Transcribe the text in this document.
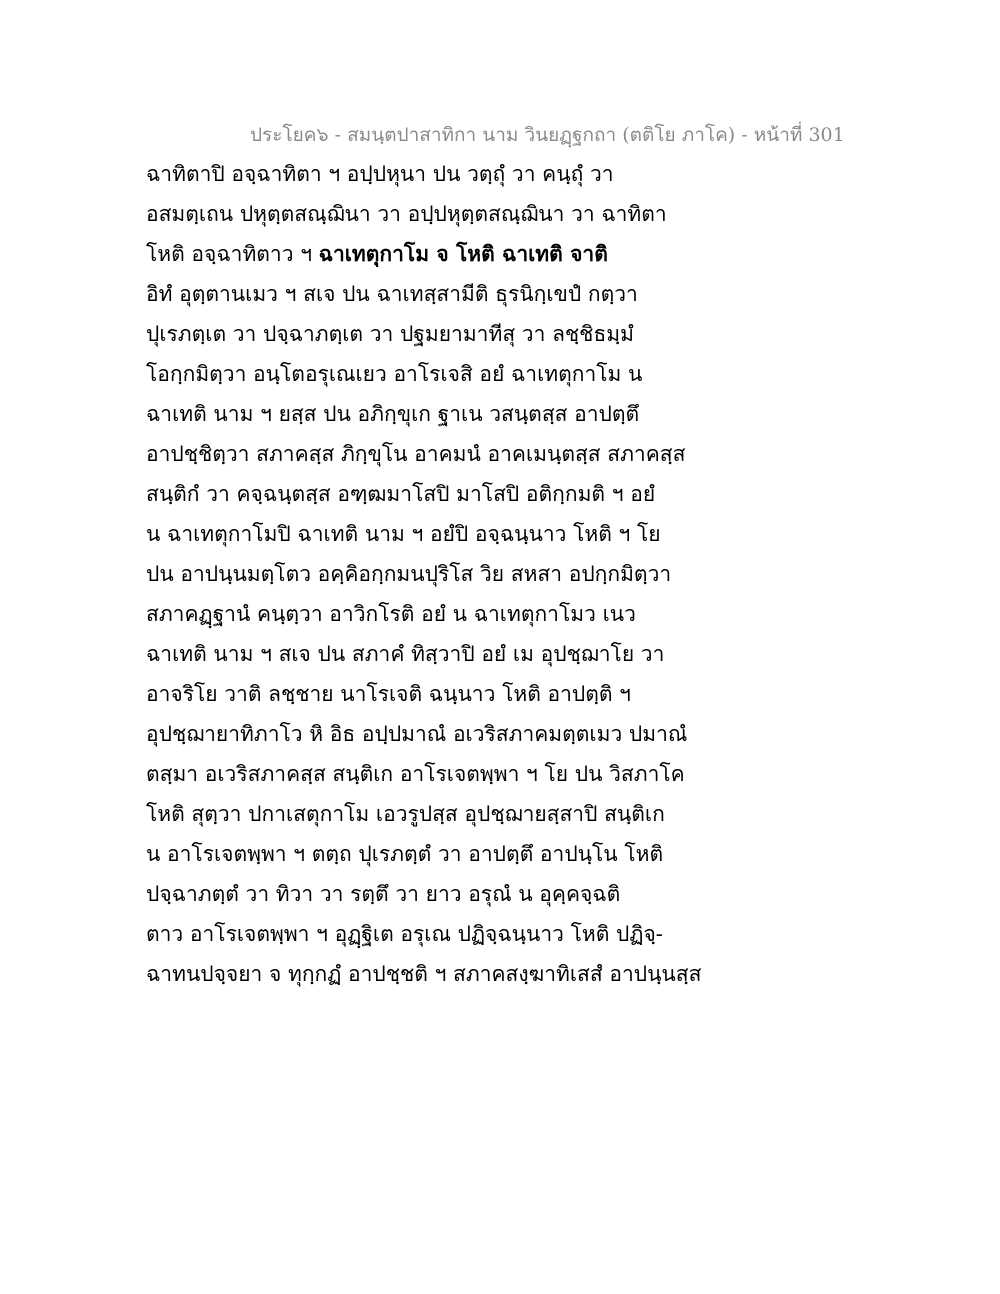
ประโยค๖ - สมนฺตปาสาทิกา นาม วินยฏฺฐกถา (ตติโย ภาโค) - หน้าที่ 301
ฉาทิตาปิ อจฺฉาทิตา ฯ อปฺปหุนา ปน วตฺถุํ วา คนฺถุํ วา
อสมตฺเถน ปหุตฺตสณฺฌินา วา อปฺปหุตฺตสณฺฌินา วา ฉาทิตา
โหติ อจฺฉาทิตาว ฯ ฉาเทตุกาโม จ โหติ ฉาเทติ จาติ
อิทํ อุตฺตานเมว ฯ สเจ ปน ฉาเทสฺสามีติ ธุรนิกฺเขปํ กตฺวา
ปุเรภตฺเต วา ปจฺฉาภตฺเต วา ปฐมยามาทีสุ วา ลชฺชิธมฺมํ
โอกฺกมิตฺวา อนฺโตอรุเณเยว อาโรเจสิ อยํ ฉาเทตุกาโม น
ฉาเทติ นาม ฯ ยสฺส ปน อภิกฺขุเก ฐาเน วสนฺตสฺส อาปตฺตึ
อาปชฺชิตฺวา สภาคสฺส ภิกฺขุโน อาคมนํ อาคเมนฺตสฺส สภาคสฺส
สนฺติกํ วา คจฺฉนฺตสฺส อฑฺฒมาโสปิ มาโสปิ อติกฺกมติ ฯ อยํ
น ฉาเทตุกาโมปิ ฉาเทติ นาม ฯ อยํปิ อจฺฉนฺนาว โหติ ฯ โย
ปน อาปนฺนมตฺโตว อคฺคิอกฺกมนปุริโส วิย สหสา อปกฺกมิตฺวา
สภาคฏฺฐานํ คนฺตฺวา อาวิกโรติ อยํ น ฉาเทตุกาโมว เนว
ฉาเทติ นาม ฯ สเจ ปน สภาคํ ทิสฺวาปิ อยํ เม อุปชฺฌาโย วา
อาจริโย วาติ ลชฺชาย นาโรเจติ ฉนฺนาว โหติ อาปตฺติ ฯ
อุปชฺฌายาทิภาโว หิ อิธ อปฺปมาณํ อเวริสภาคมตฺตเมว ปมาณํ
ตสฺมา อเวริสภาคสฺส สนฺติเก อาโรเจตพฺพา ฯ โย ปน วิสภาโค
โหติ สุตฺวา ปกาเสตุกาโม เอวรูปสฺส อุปชฺฌายสฺสาปิ สนฺติเก
น อาโรเจตพฺพา ฯ ตตฺถ ปุเรภตฺตํ วา อาปตฺตึ อาปนฺโน โหติ
ปจฺฉาภตฺตํ วา ทิวา วา รตฺตึ วา ยาว อรุณํ น อุคฺคจฺฉติ
ตาว อาโรเจตพฺพา ฯ อุฏฺฐิเต อรุเณ ปฏิจฺฉนฺนาว โหติ ปฏิจฺ-
ฉาทนปจฺจยา จ ทุกฺกฏํ อาปชฺชติ ฯ สภาคสงฺฆาทิเสสํ อาปนฺนสฺส
